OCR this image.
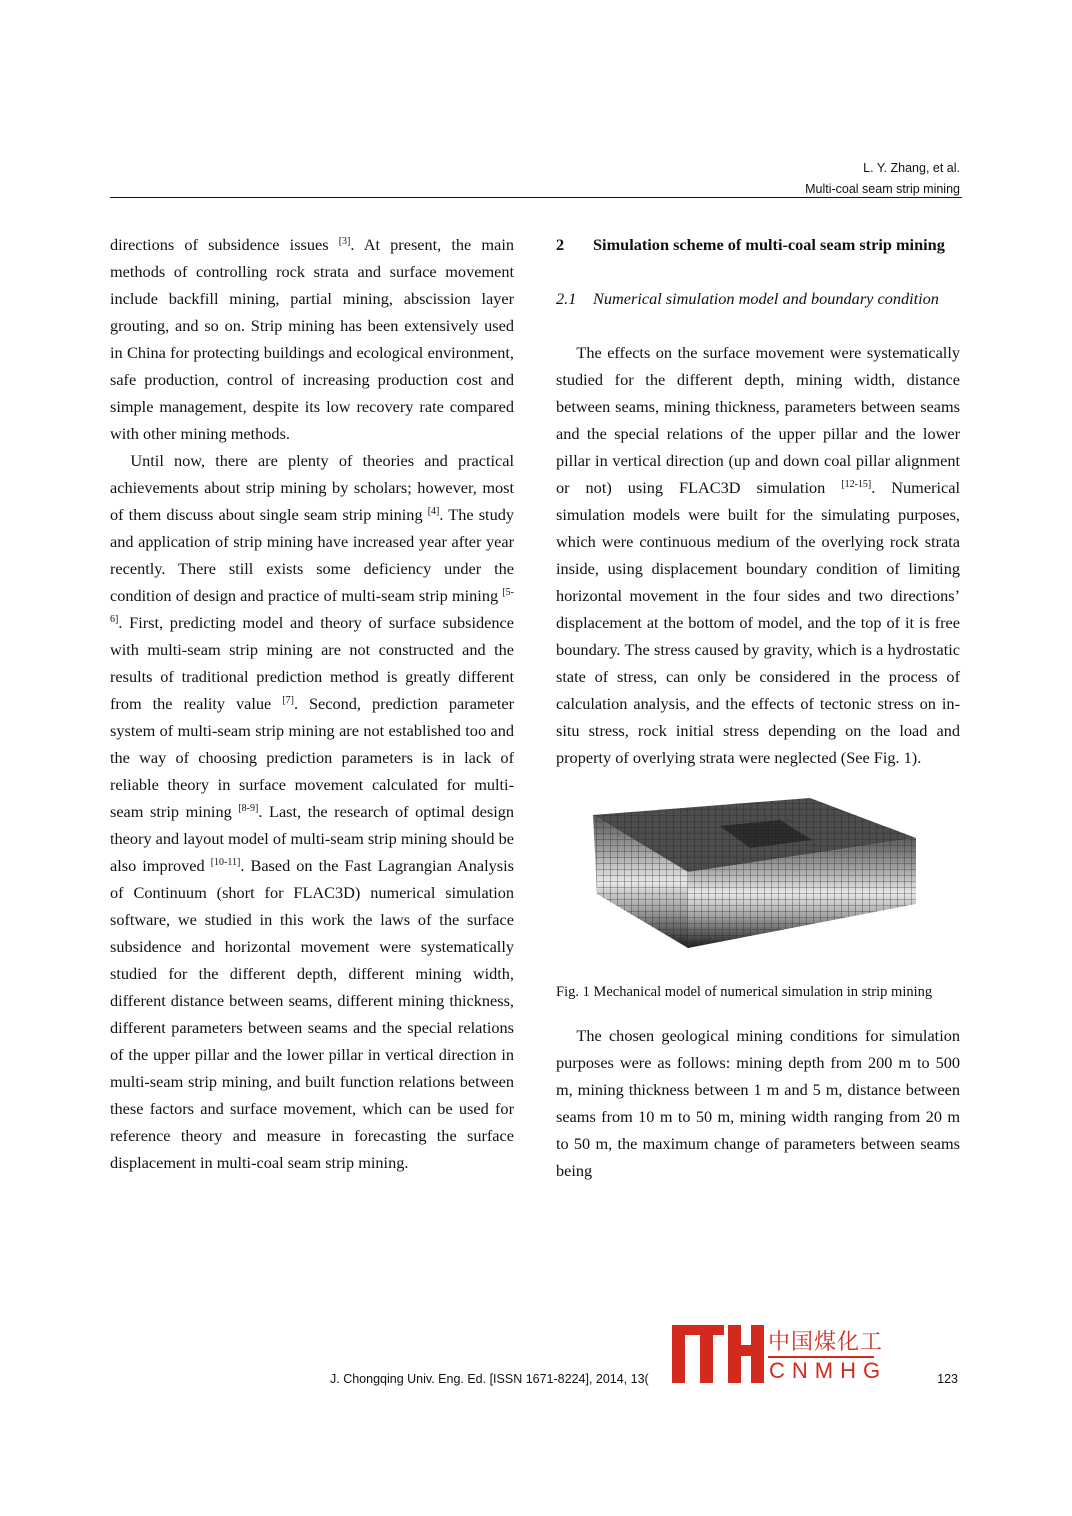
L. Y. Zhang, et al.
Multi-coal seam strip mining

directions of subsidence issues [3]. At present, the main methods of controlling rock strata and surface movement include backfill mining, partial mining, abscission layer grouting, and so on. Strip mining has been extensively used in China for protecting buildings and ecological environment, safe production, control of increasing production cost and simple management, despite its low recovery rate compared with other mining methods.

Until now, there are plenty of theories and practical achievements about strip mining by scholars; however, most of them discuss about single seam strip mining [4]. The study and application of strip mining have increased year after year recently. There still exists some deficiency under the condition of design and practice of multi-seam strip mining [5-6]. First, predicting model and theory of surface subsidence with multi-seam strip mining are not constructed and the results of traditional prediction method is greatly different from the reality value [7]. Second, prediction parameter system of multi-seam strip mining are not established too and the way of choosing prediction parameters is in lack of reliable theory in surface movement calculated for multi-seam strip mining [8-9]. Last, the research of optimal design theory and layout model of multi-seam strip mining should be also improved [10-11]. Based on the Fast Lagrangian Analysis of Continuum (short for FLAC3D) numerical simulation software, we studied in this work the laws of the surface subsidence and horizontal movement were systematically studied for the different depth, different mining width, different distance between seams, different mining thickness, different parameters between seams and the special relations of the upper pillar and the lower pillar in vertical direction in multi-seam strip mining, and built function relations between these factors and surface movement, which can be used for reference theory and measure in forecasting the surface displacement in multi-coal seam strip mining.

2	Simulation scheme of multi-coal seam strip mining
2.1	Numerical simulation model and boundary condition

The effects on the surface movement were systematically studied for the different depth, mining width, distance between seams, mining thickness, parameters between seams and the special relations of the upper pillar and the lower pillar in vertical direction (up and down coal pillar alignment or not) using FLAC3D simulation [12-15]. Numerical simulation models were built for the simulating purposes, which were continuous medium of the overlying rock strata inside, using displacement boundary condition of limiting horizontal movement in the four sides and two directions’ displacement at the bottom of model, and the top of it is free boundary. The stress caused by gravity, which is a hydrostatic state of stress, can only be considered in the process of calculation analysis, and the effects of tectonic stress on in-situ stress, rock initial stress depending on the load and property of overlying strata were neglected (See Fig. 1).

Fig. 1 Mechanical model of numerical simulation in strip mining

The chosen geological mining conditions for simulation purposes were as follows: mining depth from 200 m to 500 m, mining thickness between 1 m and 5 m, distance between seams from 10 m to 50 m, mining width ranging from 20 m to 50 m, the maximum change of parameters between seams being

J. Chongqing Univ. Eng. Ed. [ISSN 1671-8224], 2014, 13(	123
中国煤化工
CNMHG
